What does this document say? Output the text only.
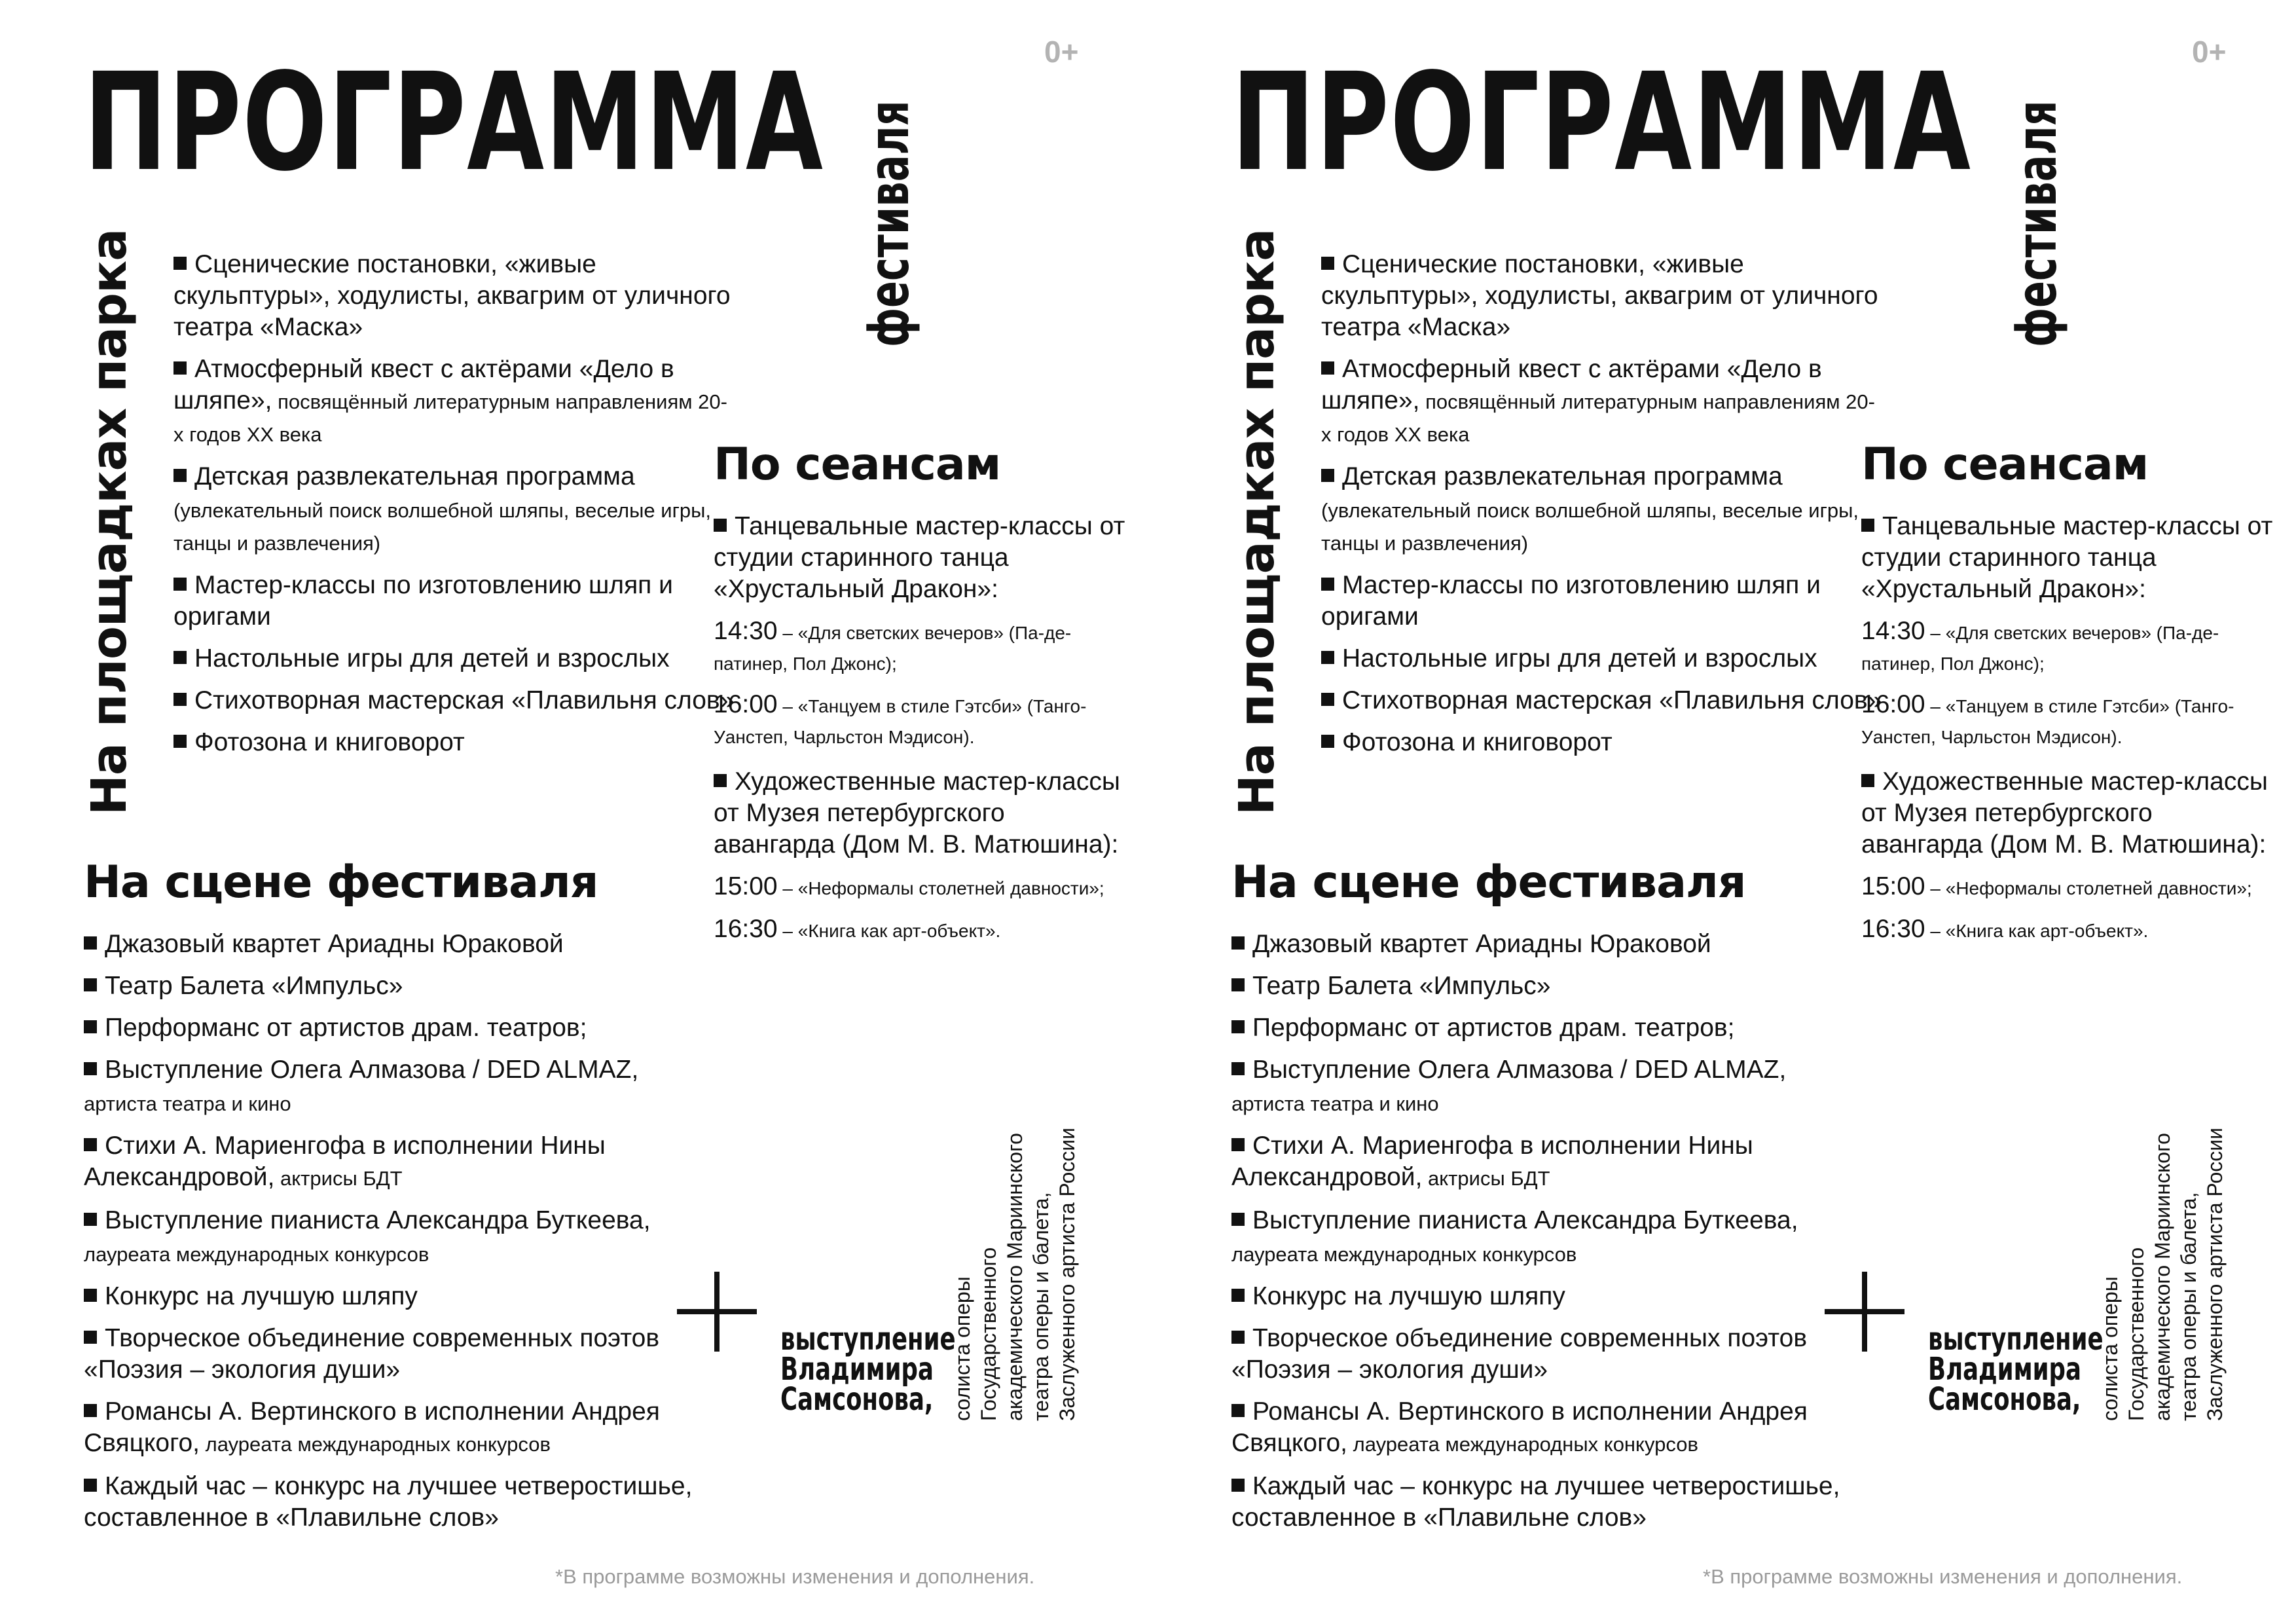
0+
ПРОГРАММА фестиваля
На площадках парка	Сценические постановки, «живые скульптуры», ходулисты, аквагрим от уличного театра «Маска»
Атмосферный квест с актёрами «Дело в шляпе», посвящённый литературным направлениям 20-х годов XX века
Детская развлекательная программа (увлекательный поиск волшебной шляпы, веселые игры, танцы и развлечения)
Мастер-классы по изготовлению шляп и оригами
Настольные игры для детей и взрослых
Стихотворная мастерская «Плавильня слов»
Фотозона и книговорот
На сцене фестиваля
Джазовый квартет Ариадны Юраковой
Театр Балета «Импульс»
Перформанс от артистов драм. театров;
Выступление Олега Алмазова / DED ALMAZ, артиста театра и кино
Стихи А. Мариенгофа в исполнении Нины Александровой, актрисы БДТ
Выступление пианиста Александра Буткеева, лауреата международных конкурсов
Конкурс на лучшую шляпу
Творческое объединение современных поэтов «Поэзия – экология души»
Романсы А. Вертинского в исполнении Андрея Свяцкого, лауреата международных конкурсов
Каждый час – конкурс на лучшее четверостишье, составленное в «Плавильне слов»
По сеансам
Танцевальные мастер-классы от студии старинного танца «Хрустальный Дракон»:
14:30 – «Для светских вечеров» (Па-де-патинер, Пол Джонс);
16:00 – «Танцуем в стиле Гэтсби» (Танго-Уанстеп, Чарльстон Мэдисон).
Художественные мастер-классы от Музея петербургского авангарда (Дом М. В. Матюшина):
15:00 – «Неформалы столетней давности»;
16:30 – «Книга как арт-объект».
выступление
Владимира
Самсонова, солиста оперы Государственного академического Мариинского театра оперы и балета, Заслуженного артиста России
*В программе возможны изменения и дополнения.
0+
ПРОГРАММА фестиваля
На площадках парка	Сценические постановки, «живые скульптуры», ходулисты, аквагрим от уличного театра «Маска»
Атмосферный квест с актёрами «Дело в шляпе», посвящённый литературным направлениям 20-х годов XX века
Детская развлекательная программа (увлекательный поиск волшебной шляпы, веселые игры, танцы и развлечения)
Мастер-классы по изготовлению шляп и оригами
Настольные игры для детей и взрослых
Стихотворная мастерская «Плавильня слов»
Фотозона и книговорот
На сцене фестиваля
Джазовый квартет Ариадны Юраковой
Театр Балета «Импульс»
Перформанс от артистов драм. театров;
Выступление Олега Алмазова / DED ALMAZ, артиста театра и кино
Стихи А. Мариенгофа в исполнении Нины Александровой, актрисы БДТ
Выступление пианиста Александра Буткеева, лауреата международных конкурсов
Конкурс на лучшую шляпу
Творческое объединение современных поэтов «Поэзия – экология души»
Романсы А. Вертинского в исполнении Андрея Свяцкого, лауреата международных конкурсов
Каждый час – конкурс на лучшее четверостишье, составленное в «Плавильне слов»
По сеансам
Танцевальные мастер-классы от студии старинного танца «Хрустальный Дракон»:
14:30 – «Для светских вечеров» (Па-де-патинер, Пол Джонс);
16:00 – «Танцуем в стиле Гэтсби» (Танго-Уанстеп, Чарльстон Мэдисон).
Художественные мастер-классы от Музея петербургского авангарда (Дом М. В. Матюшина):
15:00 – «Неформалы столетней давности»;
16:30 – «Книга как арт-объект».
выступление
Владимира
Самсонова, солиста оперы Государственного академического Мариинского театра оперы и балета, Заслуженного артиста России
*В программе возможны изменения и дополнения.
